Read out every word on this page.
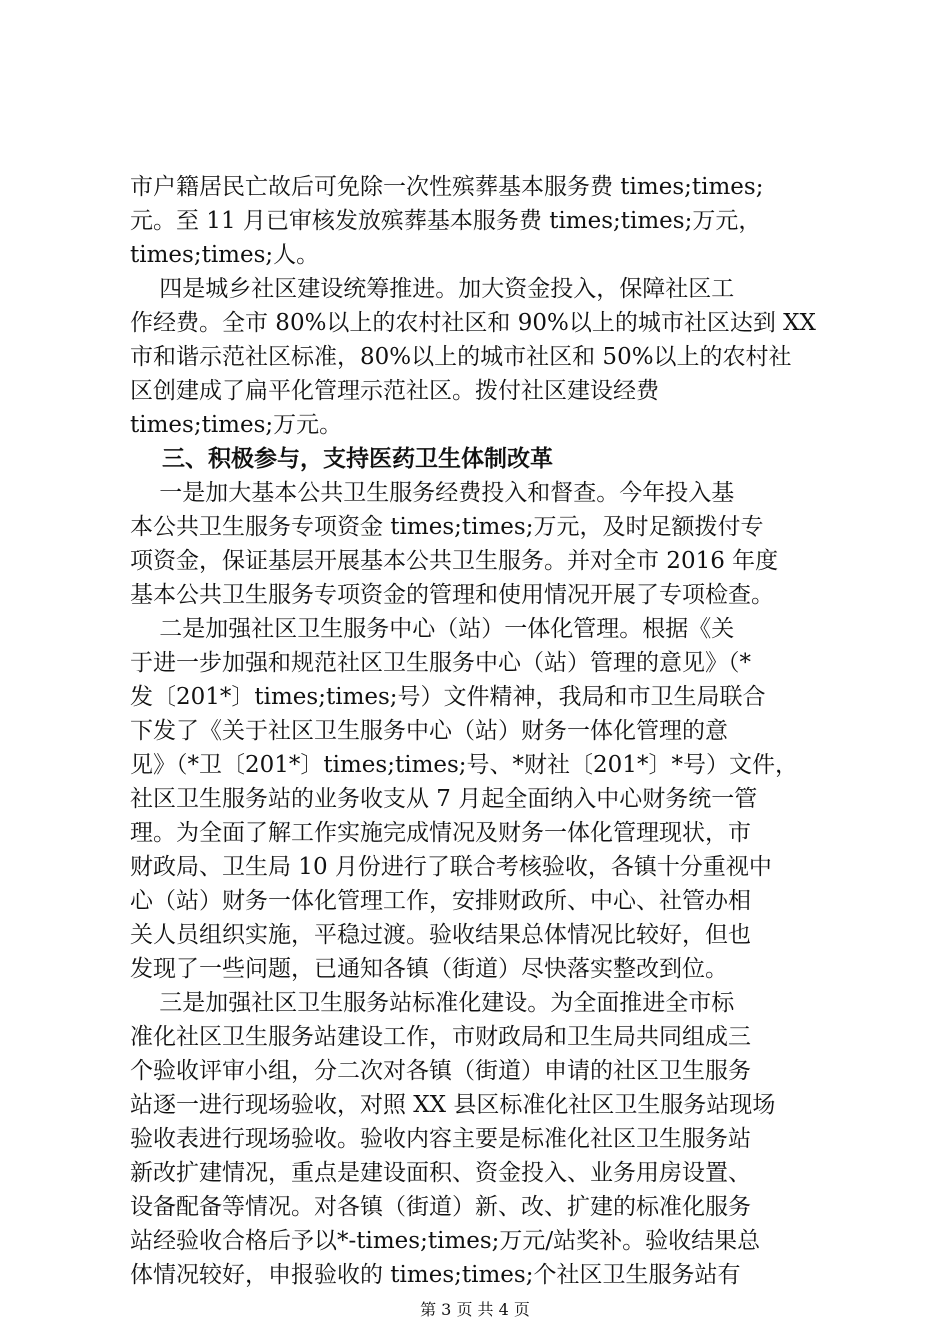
市户籍居民亡故后可免除一次性殡葬基本服务费 times;times;
元。至 11 月已审核发放殡葬基本服务费 times;times;万元，
times;times;人。
四是城乡社区建设统筹推进。加大资金投入，保障社区工
作经费。全市 80%以上的农村社区和 90%以上的城市社区达到 XX
市和谐示范社区标准，80%以上的城市社区和 50%以上的农村社
区创建成了扁平化管理示范社区。拨付社区建设经费
times;times;万元。
三、积极参与，支持医药卫生体制改革
一是加大基本公共卫生服务经费投入和督查。今年投入基
本公共卫生服务专项资金 times;times;万元，及时足额拨付专
项资金，保证基层开展基本公共卫生服务。并对全市 2016 年度
基本公共卫生服务专项资金的管理和使用情况开展了专项检查。
二是加强社区卫生服务中心（站）一体化管理。根据《关
于进一步加强和规范社区卫生服务中心（站）管理的意见》（*
发〔201*〕times;times;号）文件精神，我局和市卫生局联合
下发了《关于社区卫生服务中心（站）财务一体化管理的意
见》（*卫〔201*〕times;times;号、*财社〔201*〕*号）文件，
社区卫生服务站的业务收支从 7 月起全面纳入中心财务统一管
理。为全面了解工作实施完成情况及财务一体化管理现状，市
财政局、卫生局 10 月份进行了联合考核验收，各镇十分重视中
心（站）财务一体化管理工作，安排财政所、中心、社管办相
关人员组织实施，平稳过渡。验收结果总体情况比较好，但也
发现了一些问题，已通知各镇（街道）尽快落实整改到位。
三是加强社区卫生服务站标准化建设。为全面推进全市标
准化社区卫生服务站建设工作，市财政局和卫生局共同组成三
个验收评审小组，分二次对各镇（街道）申请的社区卫生服务
站逐一进行现场验收，对照 XX 县区标准化社区卫生服务站现场
验收表进行现场验收。验收内容主要是标准化社区卫生服务站
新改扩建情况，重点是建设面积、资金投入、业务用房设置、
设备配备等情况。对各镇（街道）新、改、扩建的标准化服务
站经验收合格后予以*-times;times;万元/站奖补。验收结果总
体情况较好，申报验收的 times;times;个社区卫生服务站有
第 3 页 共 4 页
